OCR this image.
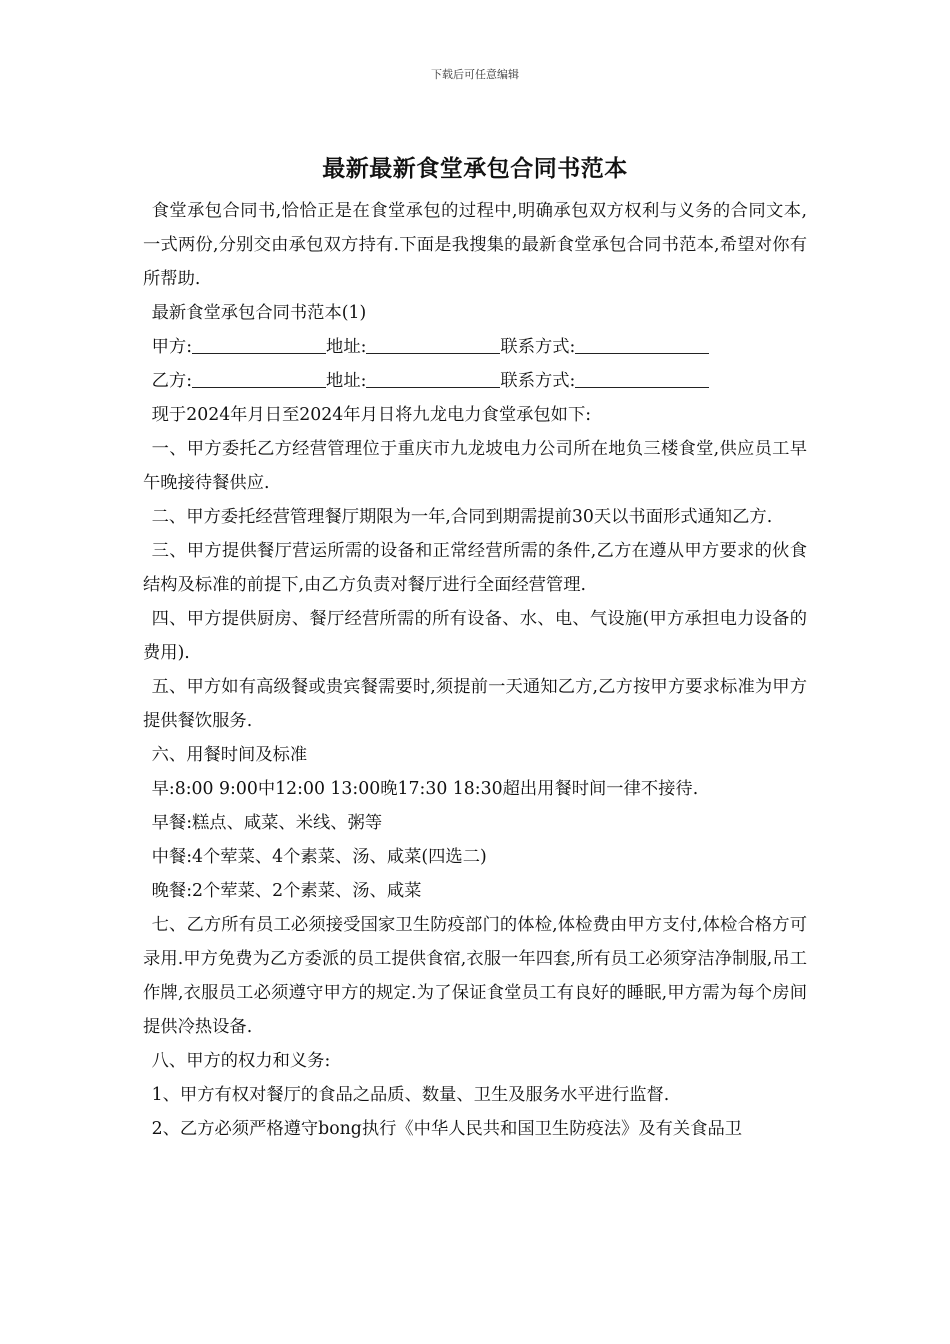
下载后可任意编辑
最新最新食堂承包合同书范本

食堂承包合同书,恰恰正是在食堂承包的过程中,明确承包双方权利与义务的合同文本,一式两份,分别交由承包双方持有.下面是我搜集的最新食堂承包合同书范本,希望对你有所帮助.

最新食堂承包合同书范本(1)

甲方:	地址:	联系方式:

乙方:	地址:	联系方式:

现于2024年月日至2024年月日将九龙电力食堂承包如下:

一、甲方委托乙方经营管理位于重庆市九龙坡电力公司所在地负三楼食堂,供应员工早午晚接待餐供应.

二、甲方委托经营管理餐厅期限为一年,合同到期需提前30天以书面形式通知乙方.

三、甲方提供餐厅营运所需的设备和正常经营所需的条件,乙方在遵从甲方要求的伙食结构及标准的前提下,由乙方负责对餐厅进行全面经营管理.

四、甲方提供厨房、餐厅经营所需的所有设备、水、电、气设施(甲方承担电力设备的费用).

五、甲方如有高级餐或贵宾餐需要时,须提前一天通知乙方,乙方按甲方要求标准为甲方提供餐饮服务.

六、用餐时间及标准

早:8:00 9:00中12:00 13:00晚17:30 18:30超出用餐时间一律不接待.

早餐:糕点、咸菜、米线、粥等

中餐:4个荤菜、4个素菜、汤、咸菜(四选二)

晚餐:2个荤菜、2个素菜、汤、咸菜

七、乙方所有员工必须接受国家卫生防疫部门的体检,体检费由甲方支付,体检合格方可录用.甲方免费为乙方委派的员工提供食宿,衣服一年四套,所有员工必须穿洁净制服,吊工作牌,衣服员工必须遵守甲方的规定.为了保证食堂员工有良好的睡眠,甲方需为每个房间提供冷热设备.

八、甲方的权力和义务:

1、甲方有权对餐厅的食品之品质、数量、卫生及服务水平进行监督.

2、乙方必须严格遵守bong执行《中华人民共和国卫生防疫法》及有关食品卫
